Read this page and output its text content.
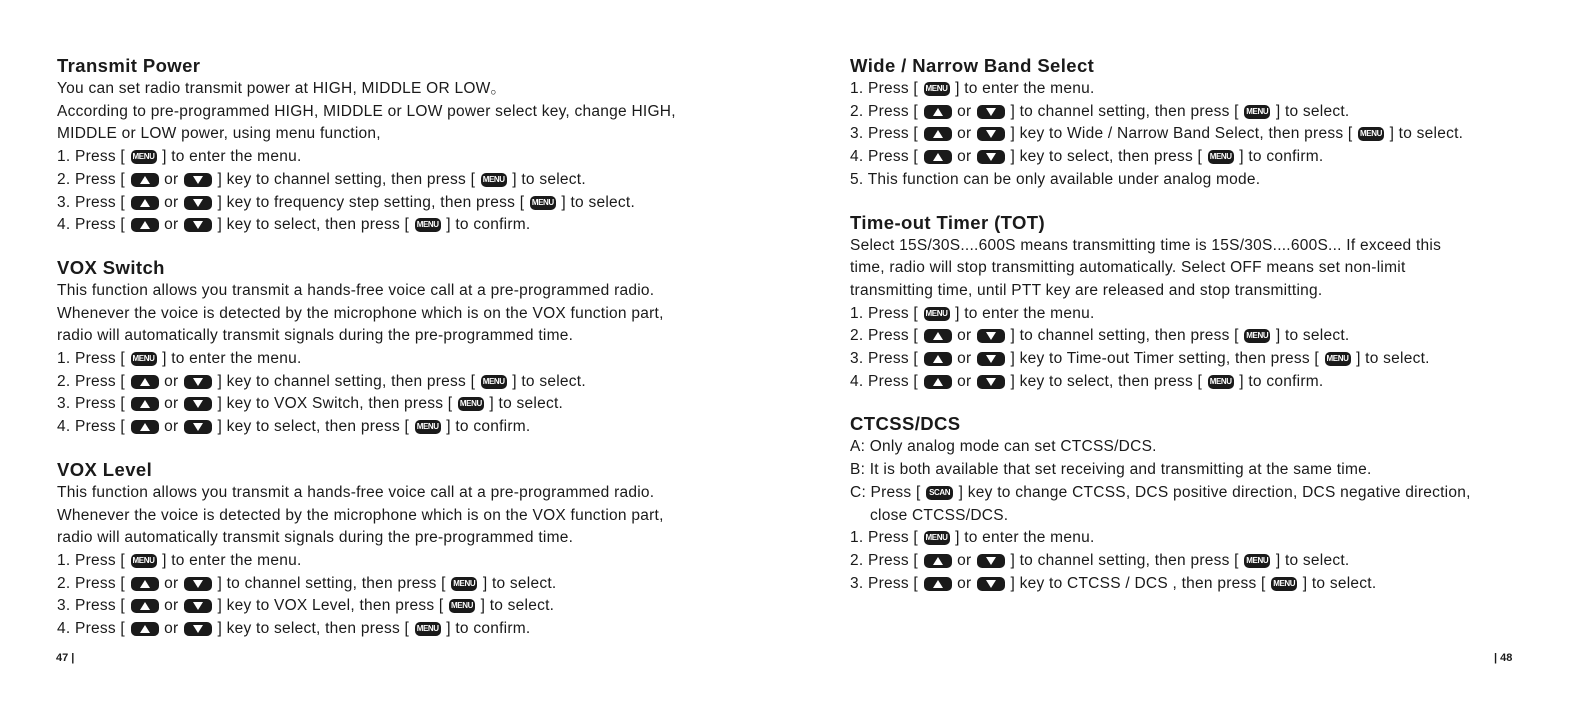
Transmit Power
You can set radio transmit power at HIGH, MIDDLE OR LOW。
According to pre-programmed HIGH, MIDDLE or LOW power select key, change HIGH,
MIDDLE or LOW power, using menu function,
1. Press [ MENU ] to enter the menu.
2. Press [
or
] key to channel setting, then press [ MENU ] to select.
3. Press [
or
] key to frequency step setting, then press [ MENU ] to select.
4. Press [
or
] key to select, then press [ MENU ] to confirm.
VOX Switch
This function allows you transmit a hands-free voice call at a pre-programmed radio.
Whenever the voice is detected by the microphone which is on the VOX function part,
radio will automatically transmit signals during the pre-programmed time.
1. Press [ MENU ] to enter the menu.
2. Press [
or
] key to channel setting, then press [ MENU ] to select.
3. Press [
or
] key to VOX Switch, then press [ MENU ] to select.
4. Press [
or
] key to select, then press [ MENU ] to confirm.
VOX Level
This function allows you transmit a hands-free voice call at a pre-programmed radio.
Whenever the voice is detected by the microphone which is on the VOX function part,
radio will automatically transmit signals during the pre-programmed time.
1. Press [ MENU ] to enter the menu.
2. Press [
or
] to channel setting, then press [ MENU ] to select.
3. Press [
or
] key to VOX Level, then press [ MENU ] to select.
4. Press [
or
] key to select, then press [ MENU ] to confirm.
Wide / Narrow Band Select
1. Press [ MENU ] to enter the menu.
2. Press [
or
] to channel setting, then press [ MENU ] to select.
3. Press [
or
] key to Wide / Narrow Band Select, then press [ MENU ] to select.
4. Press [
or
] key to select, then press [ MENU ] to confirm.
5. This function can be only available under analog mode.
Time-out Timer (TOT)
Select 15S/30S....600S means transmitting time is 15S/30S....600S... If exceed this
time, radio will stop transmitting automatically. Select OFF means set non-limit
transmitting time, until PTT key are released and stop transmitting.
1. Press [ MENU ] to enter the menu.
2. Press [
or
] to channel setting, then press [ MENU ] to select.
3. Press [
or
] key to Time-out Timer setting, then press [ MENU ] to select.
4. Press [
or
] key to select, then press [ MENU ] to confirm.
CTCSS/DCS
A: Only analog mode can set CTCSS/DCS.
B: It is both available that set receiving and transmitting at the same time.
C: Press [ SCAN ] key to change CTCSS, DCS positive direction, DCS negative direction,
close CTCSS/DCS.
1. Press [ MENU ] to enter the menu.
2. Press [
or
] to channel setting, then press [ MENU ] to select.
3. Press [
or
] key to CTCSS / DCS , then press [ MENU ] to select.
47 |	| 48
